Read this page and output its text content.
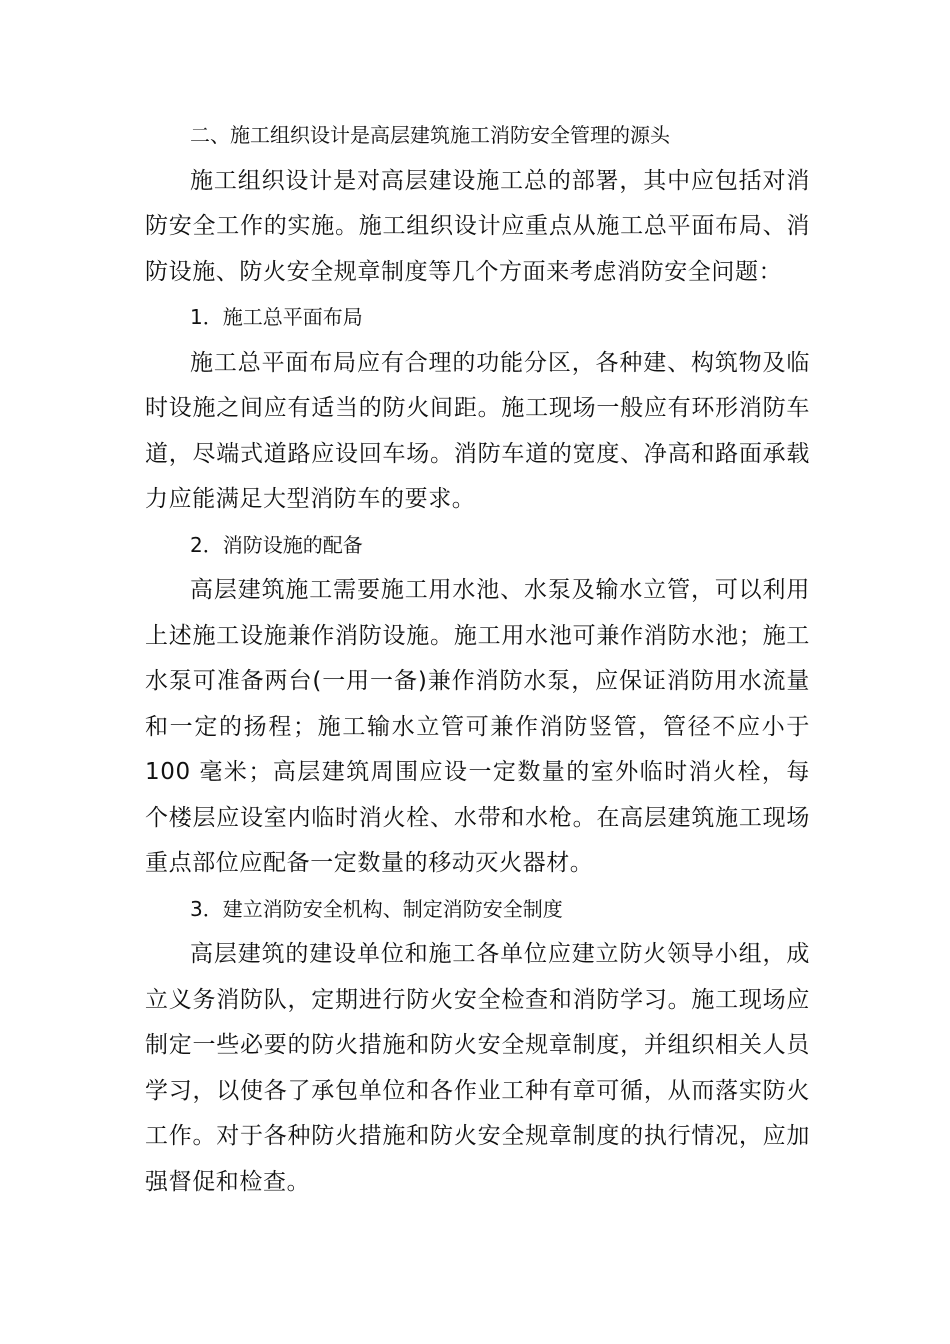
二、施工组织设计是高层建筑施工消防安全管理的源头

施工组织设计是对高层建设施工总的部署，其中应包括对消防安全工作的实施。施工组织设计应重点从施工总平面布局、消防设施、防火安全规章制度等几个方面来考虑消防安全问题：

1．施工总平面布局

施工总平面布局应有合理的功能分区，各种建、构筑物及临时设施之间应有适当的防火间距。施工现场一般应有环形消防车道，尽端式道路应设回车场。消防车道的宽度、净高和路面承载力应能满足大型消防车的要求。

2．消防设施的配备

高层建筑施工需要施工用水池、水泵及输水立管，可以利用上述施工设施兼作消防设施。施工用水池可兼作消防水池；施工水泵可准备两台(一用一备)兼作消防水泵，应保证消防用水流量和一定的扬程；施工输水立管可兼作消防竖管，管径不应小于 100 毫米；高层建筑周围应设一定数量的室外临时消火栓，每个楼层应设室内临时消火栓、水带和水枪。在高层建筑施工现场重点部位应配备一定数量的移动灭火器材。

3．建立消防安全机构、制定消防安全制度

高层建筑的建设单位和施工各单位应建立防火领导小组，成立义务消防队，定期进行防火安全检查和消防学习。施工现场应制定一些必要的防火措施和防火安全规章制度，并组织相关人员学习，以使各了承包单位和各作业工种有章可循，从而落实防火工作。对于各种防火措施和防火安全规章制度的执行情况，应加强督促和检查。
